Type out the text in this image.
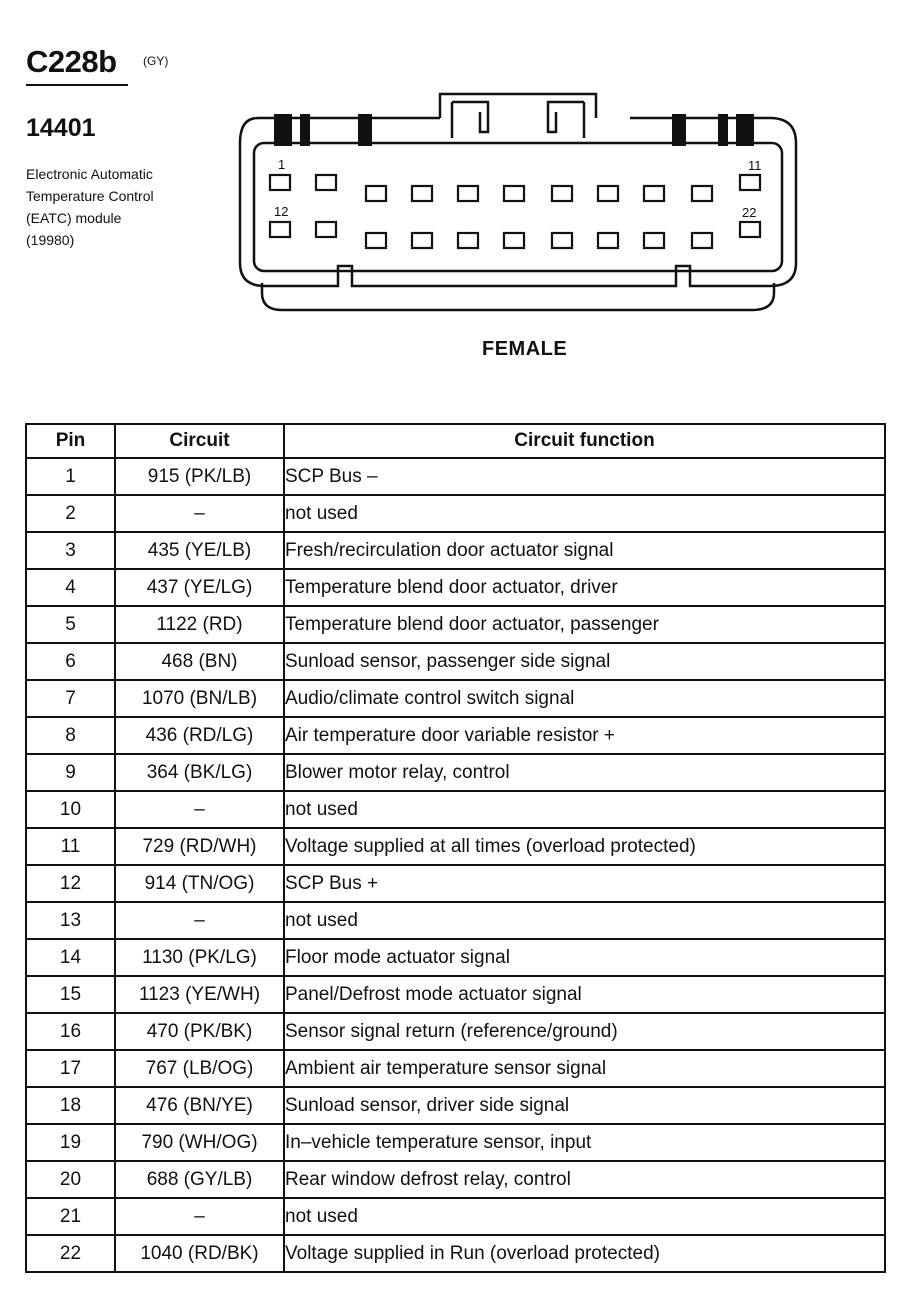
C228b (GY)
14401
Electronic Automatic
Temperature Control
(EATC) module
(19980)
1	11
12	22
FEMALE
Pin	Circuit	Circuit function
1	915 (PK/LB)	SCP Bus –
2	–	not used
3	435 (YE/LB)	Fresh/recirculation door actuator signal
4	437 (YE/LG)	Temperature blend door actuator, driver
5	1122 (RD)	Temperature blend door actuator, passenger
6	468 (BN)	Sunload sensor, passenger side signal
7	1070 (BN/LB)	Audio/climate control switch signal
8	436 (RD/LG)	Air temperature door variable resistor +
9	364 (BK/LG)	Blower motor relay, control
10	–	not used
11	729 (RD/WH)	Voltage supplied at all times (overload protected)
12	914 (TN/OG)	SCP Bus +
13	–	not used
14	1130 (PK/LG)	Floor mode actuator signal
15	1123 (YE/WH)	Panel/Defrost mode actuator signal
16	470 (PK/BK)	Sensor signal return (reference/ground)
17	767 (LB/OG)	Ambient air temperature sensor signal
18	476 (BN/YE)	Sunload sensor, driver side signal
19	790 (WH/OG)	In–vehicle temperature sensor, input
20	688 (GY/LB)	Rear window defrost relay, control
21	–	not used
22	1040 (RD/BK)	Voltage supplied in Run (overload protected)
